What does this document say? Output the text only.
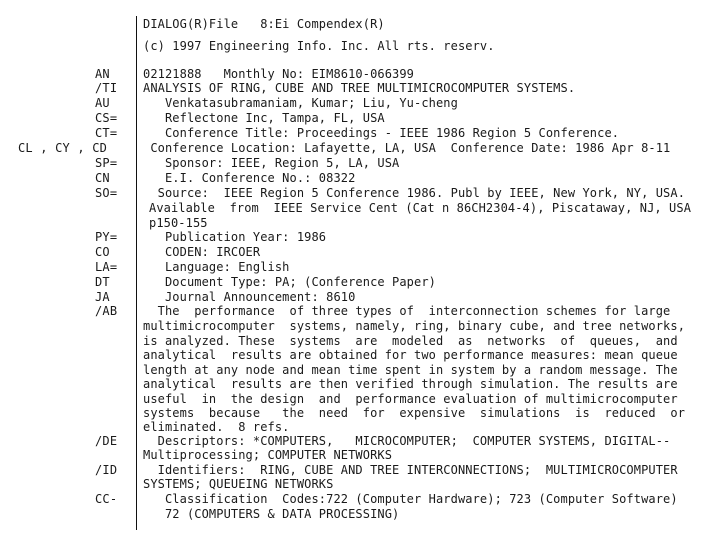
DIALOG(R)File   8:Ei Compendex(R)
(c) 1997 Engineering Info. Inc. All rts. reserv.
AN	02121888   Monthly No: EIM8610-066399
/TI ANALYSIS OF RING, CUBE AND TREE MULTIMICROCOMPUTER SYSTEMS.
AU	Venkatasubramaniam, Kumar; Liu, Yu-cheng
CS= Reflectone Inc, Tampa, FL, USA
CT= Conference Title: Proceedings - IEEE 1986 Region 5 Conference.
CL , CY , CD	Conference Location: Lafayette, LA, USA  Conference Date: 1986 Apr 8-11
SP= Sponsor: IEEE, Region 5, LA, USA
CN	E.I. Conference No.: 08322
SO= Source:  IEEE Region 5 Conference 1986. Publ by IEEE, New York, NY, USA.
Available  from  IEEE Service Cent (Cat n 86CH2304-4), Piscataway, NJ, USA
p150-155
PY= Publication Year: 1986
CO	CODEN: IRCOER
LA= Language: English
DT	Document Type: PA; (Conference Paper)
JA	Journal Announcement: 8610
/AB The  performance  of three types of  interconnection schemes for large
multimicrocomputer  systems, namely, ring, binary cube, and tree networks,
is analyzed. These  systems  are  modeled  as  networks  of  queues,  and
analytical  results are obtained for two performance measures: mean queue
length at any node and mean time spent in system by a random message. The
analytical  results are then verified through simulation. The results are
useful  in  the design  and  performance evaluation of multimicrocomputer
systems  because   the  need  for  expensive  simulations  is  reduced  or
eliminated.  8 refs.
/DE Descriptors: *COMPUTERS,   MICROCOMPUTER;  COMPUTER SYSTEMS, DIGITAL--
Multiprocessing; COMPUTER NETWORKS
/ID Identifiers:  RING, CUBE AND TREE INTERCONNECTIONS;  MULTIMICROCOMPUTER
SYSTEMS; QUEUEING NETWORKS
CC- Classification  Codes:722 (Computer Hardware); 723 (Computer Software)
72 (COMPUTERS & DATA PROCESSING)
